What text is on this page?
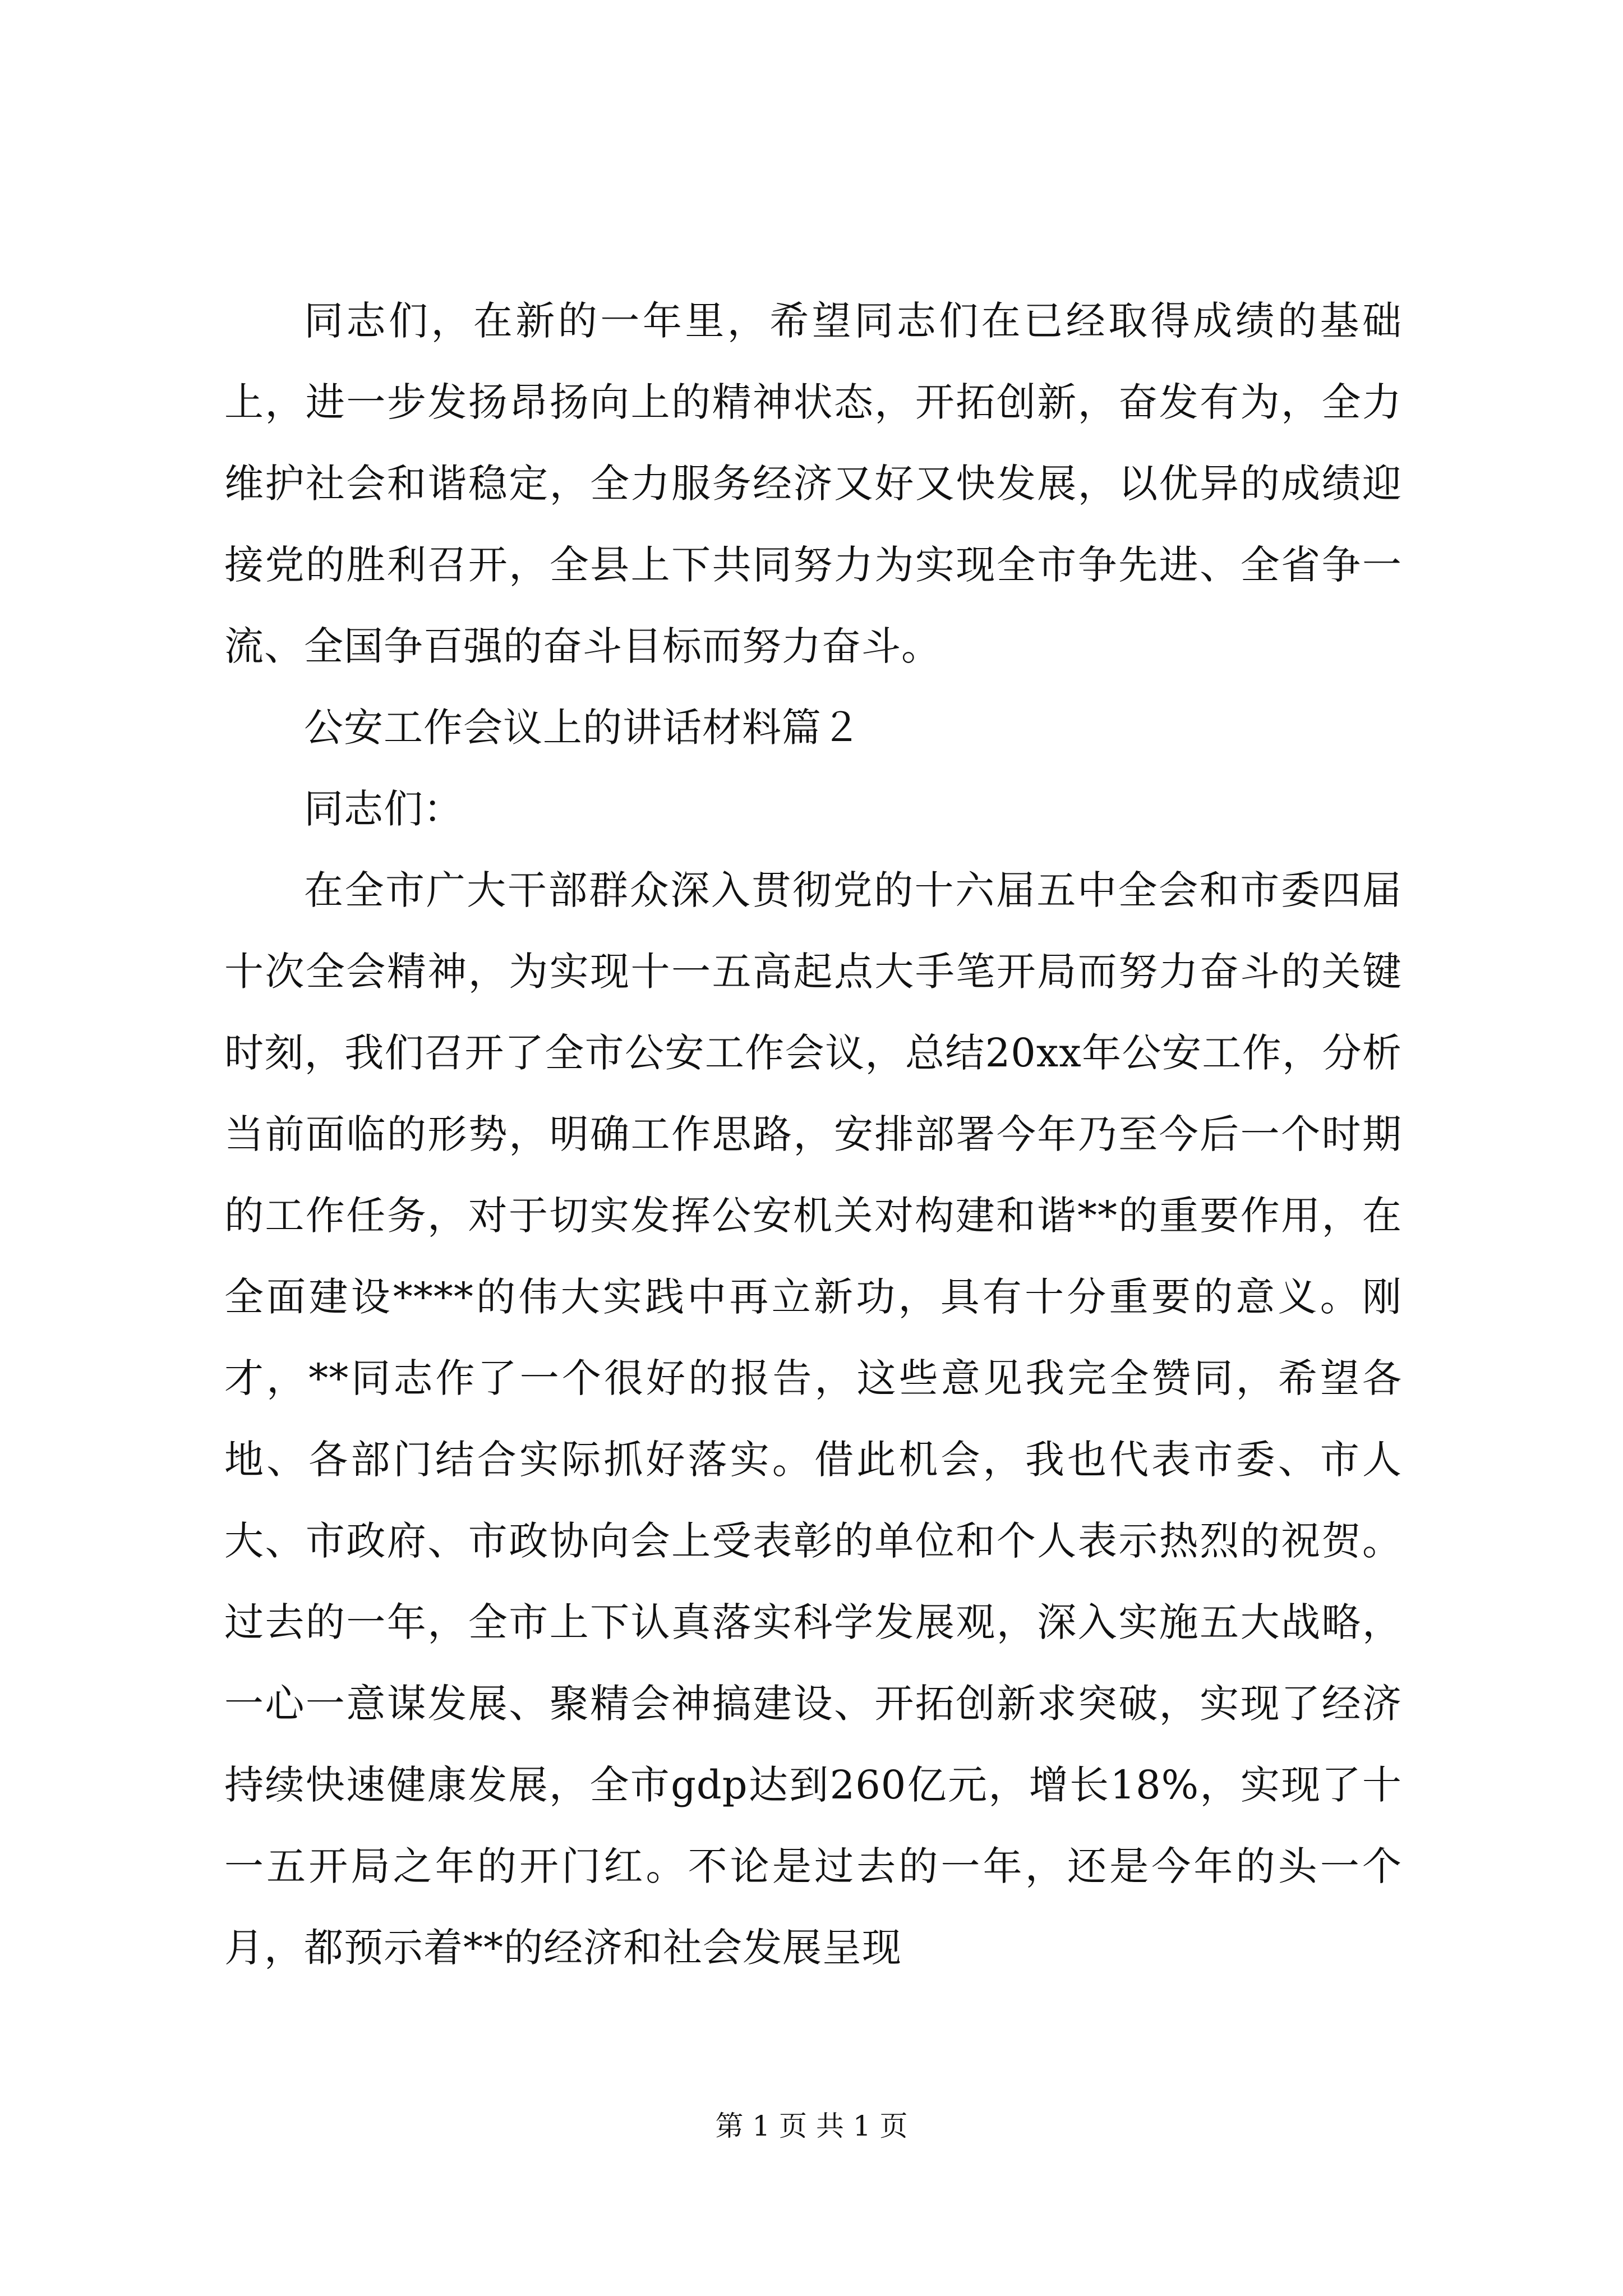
同志们，在新的一年里，希望同志们在已经取得成绩的基础上，进一步发扬昂扬向上的精神状态，开拓创新，奋发有为，全力维护社会和谐稳定，全力服务经济又好又快发展，以优异的成绩迎接党的胜利召开，全县上下共同努力为实现全市争先进、全省争一流、全国争百强的奋斗目标而努力奋斗。

公安工作会议上的讲话材料篇２

同志们：

在全市广大干部群众深入贯彻党的十六届五中全会和市委四届十次全会精神，为实现十一五高起点大手笔开局而努力奋斗的关键时刻，我们召开了全市公安工作会议，总结20xx年公安工作，分析当前面临的形势，明确工作思路，安排部署今年乃至今后一个时期的工作任务，对于切实发挥公安机关对构建和谐**的重要作用，在全面建设****的伟大实践中再立新功，具有十分重要的意义。刚才，**同志作了一个很好的报告，这些意见我完全赞同，希望各地、各部门结合实际抓好落实。借此机会，我也代表市委、市人大、市政府、市政协向会上受表彰的单位和个人表示热烈的祝贺。过去的一年，全市上下认真落实科学发展观，深入实施五大战略，一心一意谋发展、聚精会神搞建设、开拓创新求突破，实现了经济持续快速健康发展，全市gdp达到260亿元，增长18%，实现了十一五开局之年的开门红。不论是过去的一年，还是今年的头一个月，都预示着**的经济和社会发展呈现

第 1 页 共 1 页
